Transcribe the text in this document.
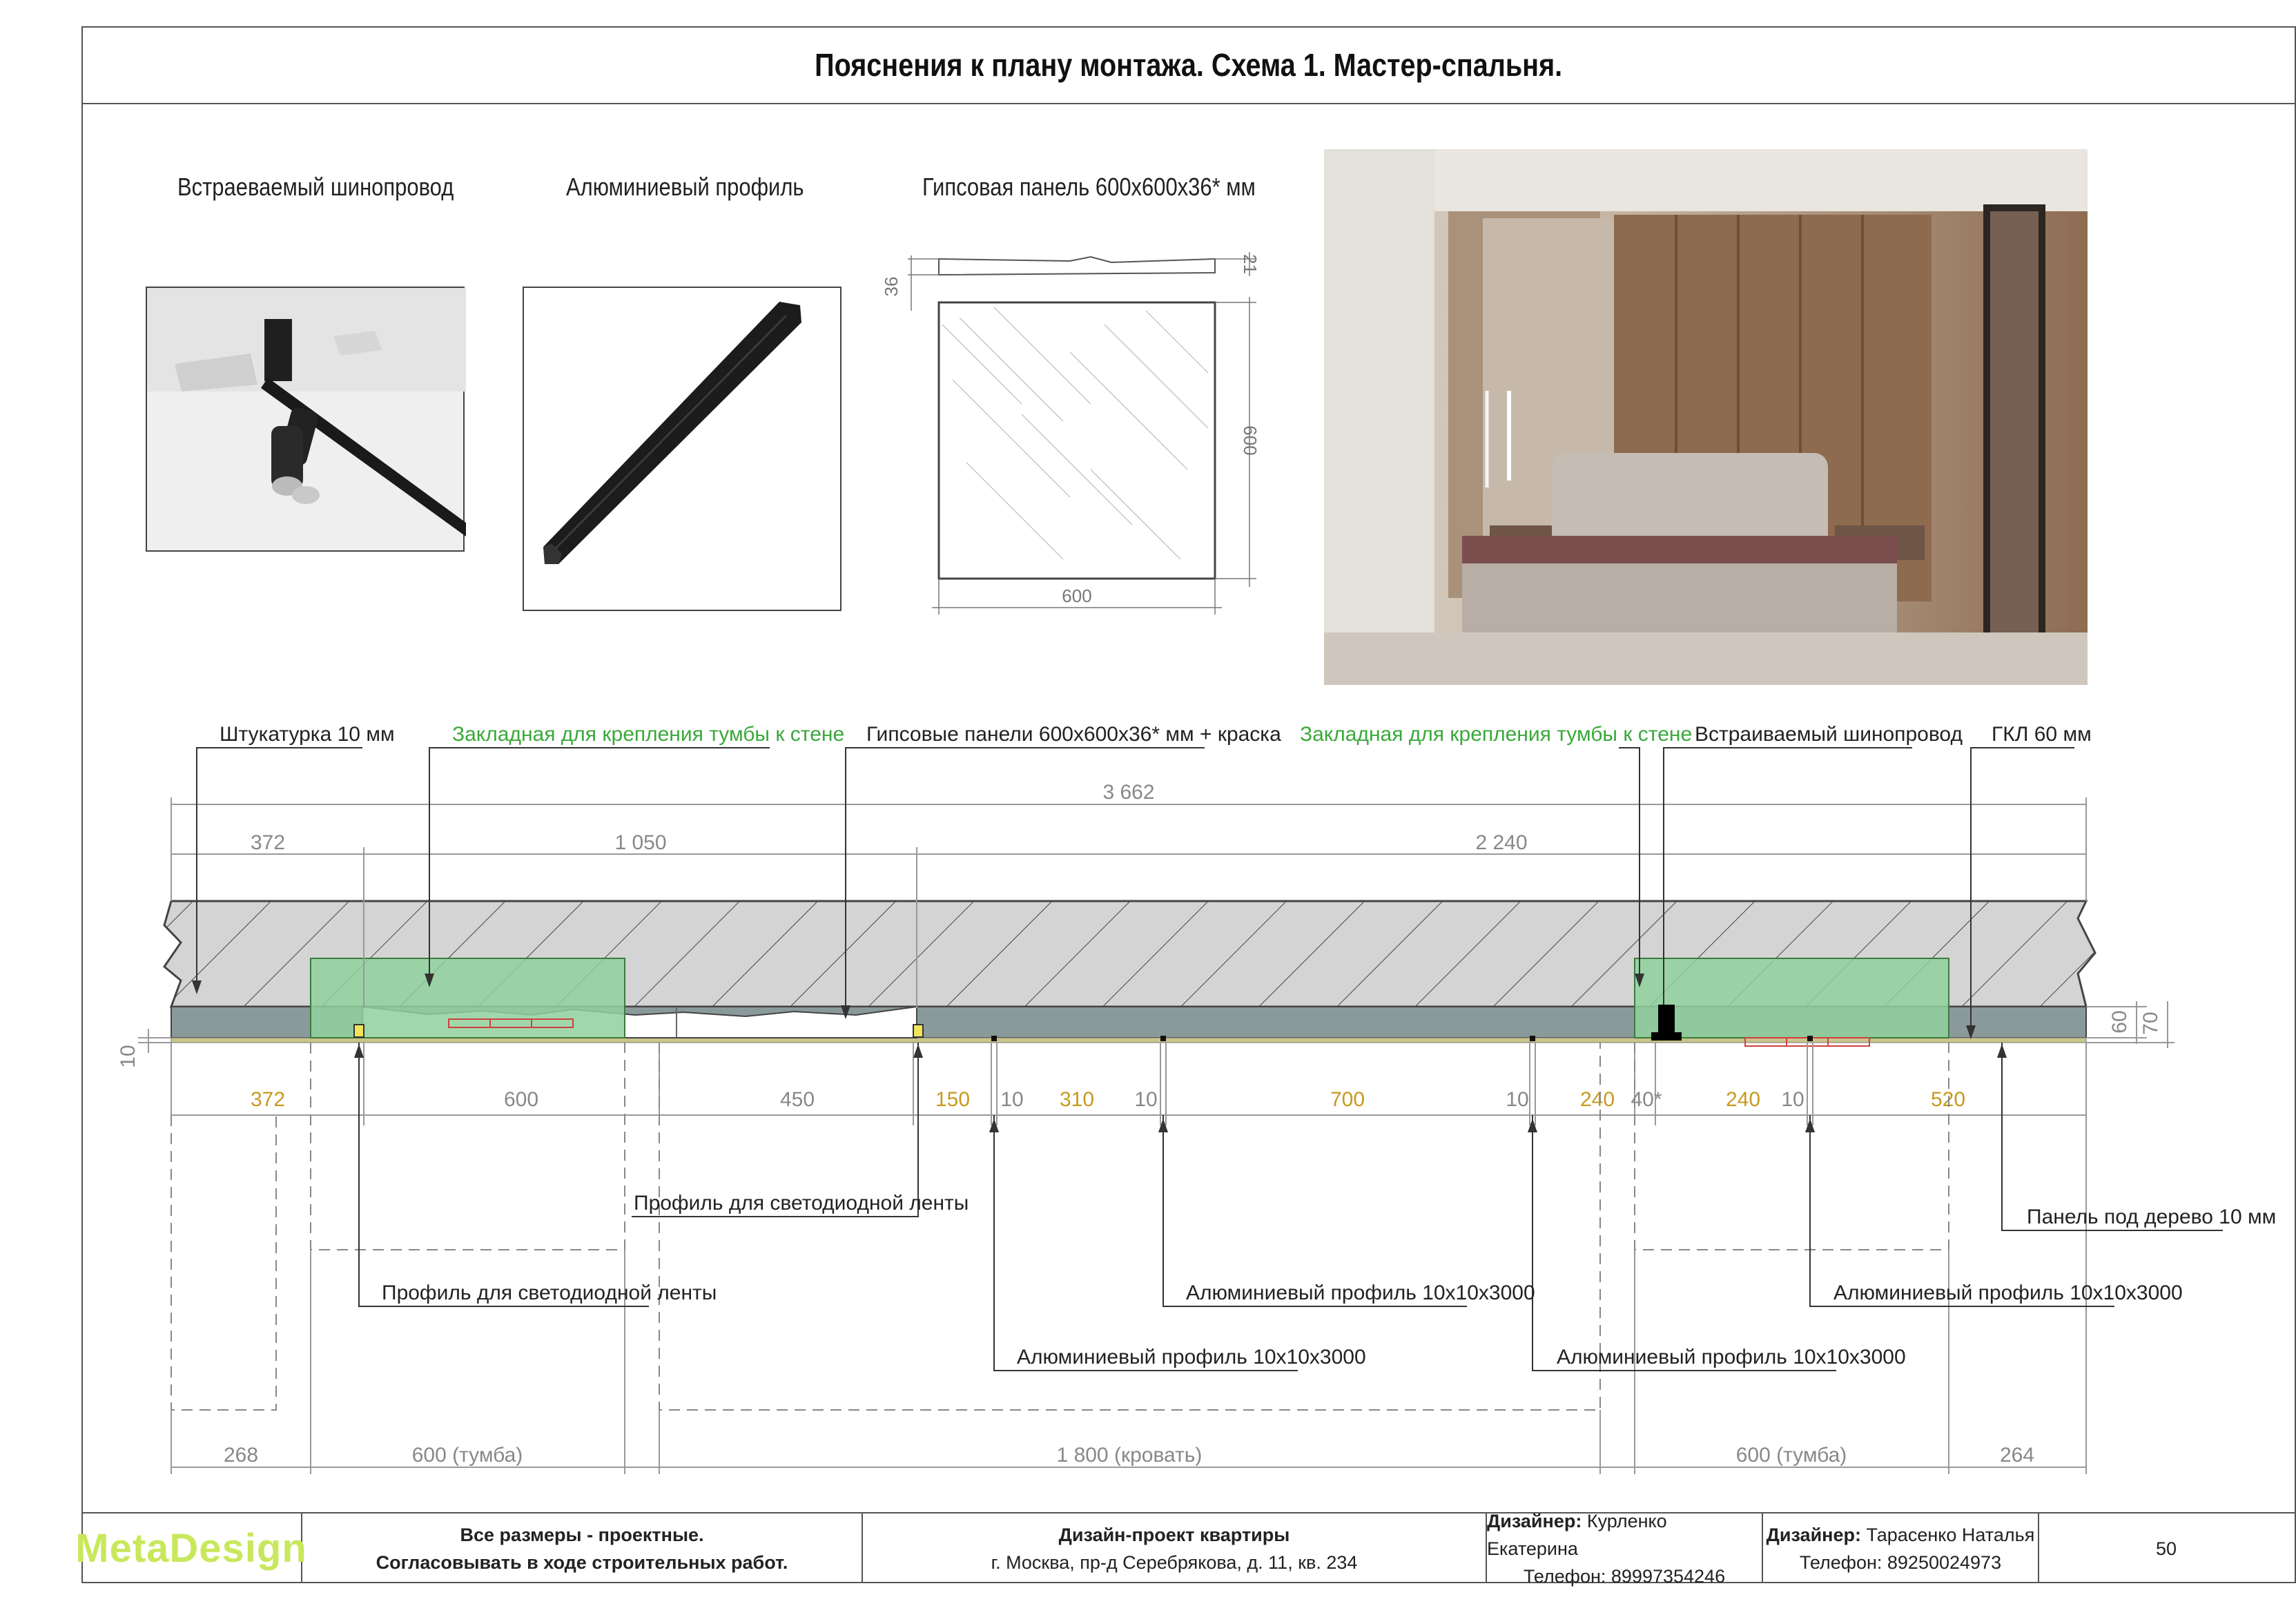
Пояснения к плану монтажа. Схема 1. Мастер-спальня.
Встраеваемый шинопровод	Алюминиевый профиль	Гипсовая панель 600x600x36* мм
36
21
600
600
3 662
372	1 050	2 240
60 70
10
372	600	450	150 10 310 10	700	10 240 40*	240 10	520
268	600 (тумба)	1 800 (кровать)	600 (тумба)	264
Штукатурка 10 мм	Закладная для крепления тумбы к стене Гипсовые панели 600x600x36* мм + краска Закладная для крепления тумбы к стене Встраиваемый шинопровод ГКЛ 60 мм
Профиль для светодиодной ленты
Профиль для светодиодной ленты	Алюминиевый профиль 10х10х3000
Алюминиевый профиль 10х10х3000	Алюминиевый профиль 10х10х3000
Алюминиевый профиль 10х10х3000
Панель под дерево 10 мм
MetaDesign	Все размеры - проектные.
Согласовывать в ходе строительных работ.
Дизайн-проект квартиры
г. Москва, пр-д Серебрякова, д. 11, кв. 234
Дизайнер: Курленко Екатерина
Телефон: 89997354246
Дизайнер: Тарасенко Наталья
Телефон: 89250024973
50
